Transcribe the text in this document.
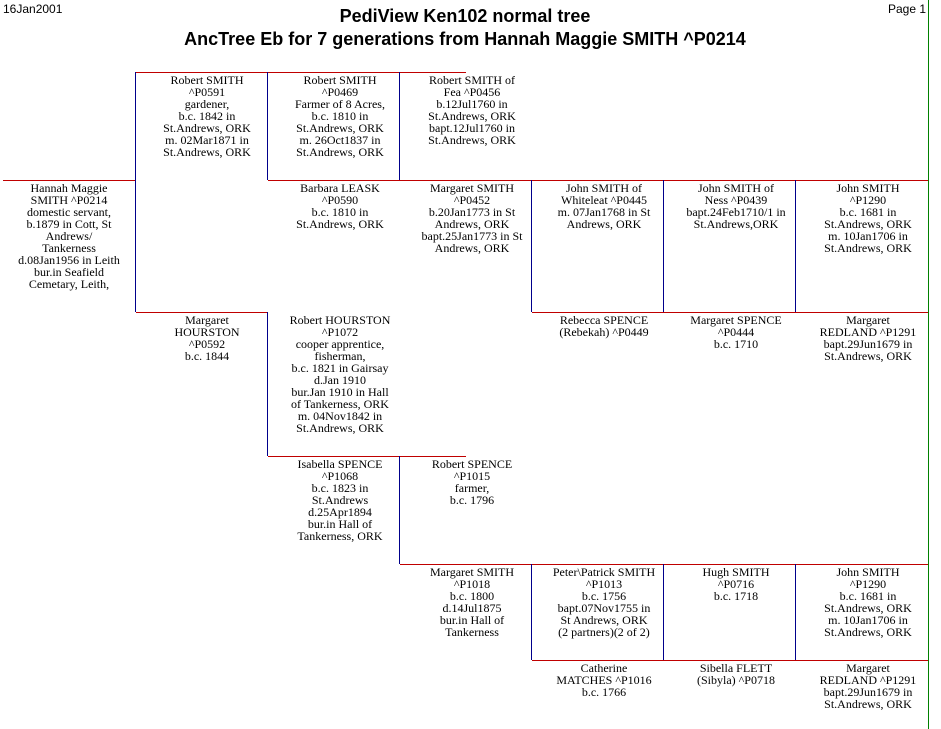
16Jan2001	Page 1
PediView Ken102 normal tree
AncTree Eb for 7 generations from Hannah Maggie SMITH ^P0214
Hannah Maggie
SMITH ^P0214
domestic servant,
b.1879 in Cott, St
Andrews/
Tankerness
d.08Jan1956 in Leith
bur.in Seafield
Cemetary, Leith,
Robert SMITH
^P0591
gardener,
b.c. 1842 in
St.Andrews, ORK
m. 02Mar1871 in
St.Andrews, ORK
Robert SMITH
^P0469
Farmer of 8 Acres,
b.c. 1810 in
St.Andrews, ORK
m. 26Oct1837 in
St.Andrews, ORK
Robert SMITH of
Fea ^P0456
b.12Jul1760 in
St.Andrews, ORK
bapt.12Jul1760 in
St.Andrews, ORK
Barbara LEASK
^P0590
b.c. 1810 in
St.Andrews, ORK
Margaret SMITH
^P0452
b.20Jan1773 in St
Andrews, ORK
bapt.25Jan1773 in St
Andrews, ORK
John SMITH of
Whiteleat ^P0445
m. 07Jan1768 in St
Andrews, ORK
John SMITH of
Ness ^P0439
bapt.24Feb1710/1 in
St.Andrews,ORK
John SMITH
^P1290
b.c. 1681 in
St.Andrews, ORK
m. 10Jan1706 in
St.Andrews, ORK
Margaret
HOURSTON
^P0592
b.c. 1844
Robert HOURSTON
^P1072
cooper apprentice,
fisherman,
b.c. 1821 in Gairsay
d.Jan 1910
bur.Jan 1910 in Hall
of Tankerness, ORK
m. 04Nov1842 in
St.Andrews, ORK
Rebecca SPENCE
(Rebekah) ^P0449
Margaret SPENCE
^P0444
b.c. 1710
Margaret
REDLAND ^P1291
bapt.29Jun1679 in
St.Andrews, ORK
Isabella SPENCE
^P1068
b.c. 1823 in
St.Andrews
d.25Apr1894
bur.in Hall of
Tankerness, ORK
Robert SPENCE
^P1015
farmer,
b.c. 1796
Margaret SMITH
^P1018
b.c. 1800
d.14Jul1875
bur.in Hall of
Tankerness
Peter\Patrick SMITH
^P1013
b.c. 1756
bapt.07Nov1755 in
St Andrews, ORK
(2 partners)(2 of 2)
Hugh SMITH
^P0716
b.c. 1718
John SMITH
^P1290
b.c. 1681 in
St.Andrews, ORK
m. 10Jan1706 in
St.Andrews, ORK
Catherine
MATCHES ^P1016
b.c. 1766
Sibella FLETT
(Sibyla) ^P0718
Margaret
REDLAND ^P1291
bapt.29Jun1679 in
St.Andrews, ORK
